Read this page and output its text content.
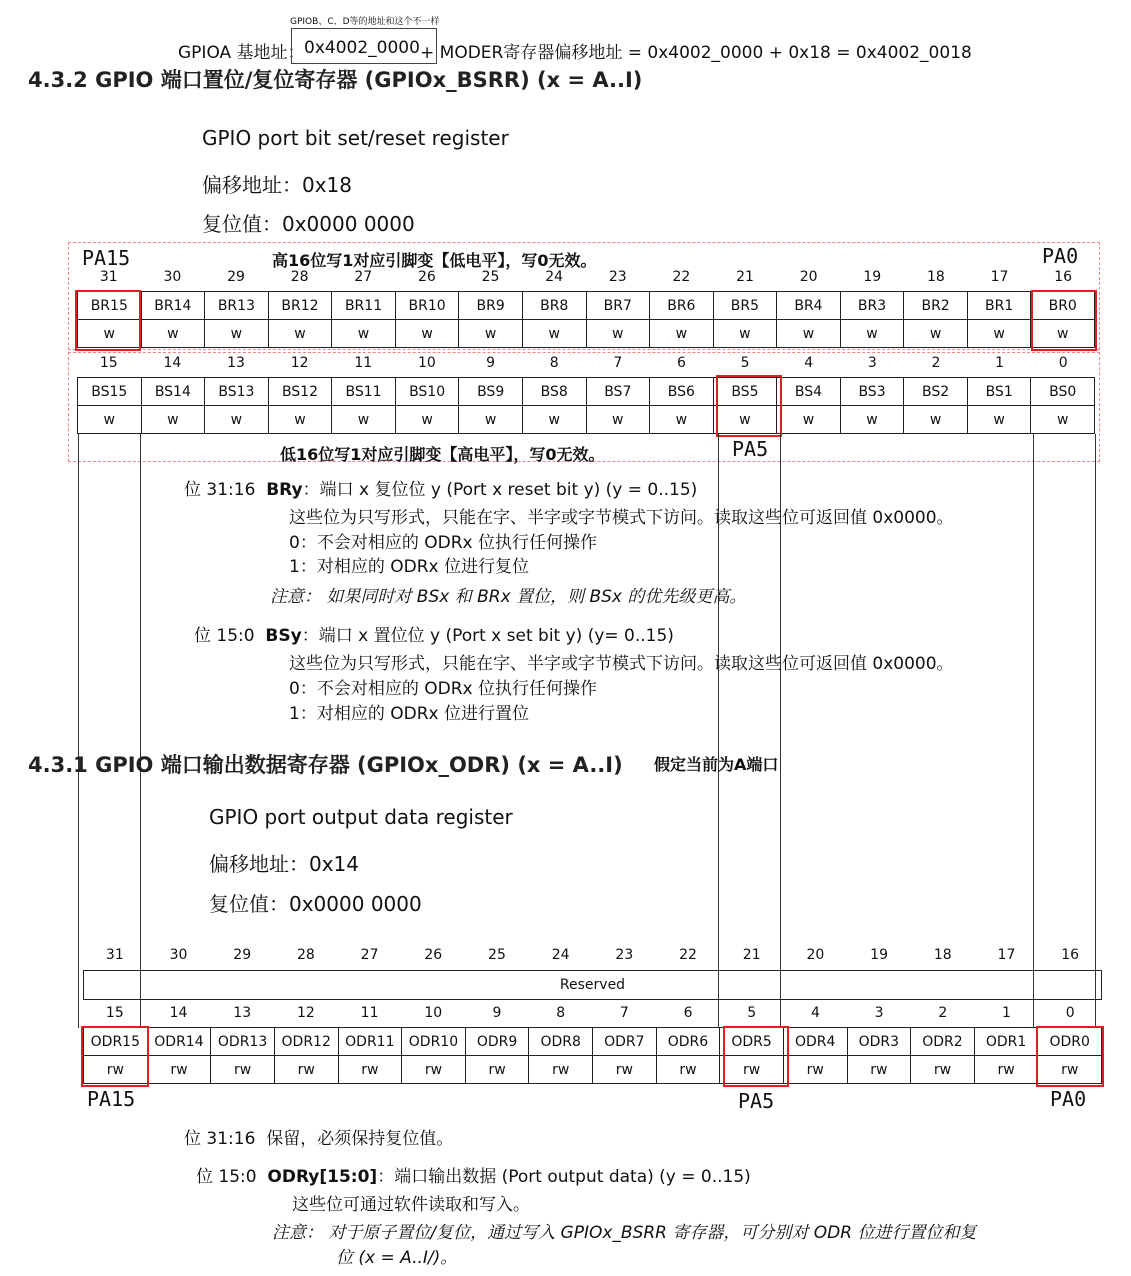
GPIOB、C、D等的地址和这个不一样
GPIOA 基地址： 0x4002_0000 + MODER寄存器偏移地址 = 0x4002_0000 + 0x18 = 0x4002_0018
4.3.2 GPIO 端口置位/复位寄存器 (GPIOx_BSRR) (x = A..I)
GPIO port bit set/reset register
偏移地址：0x18
复位值：0x0000 0000
PA15	PA0
高16位写1对应引脚变【低电平】，写0无效。
31	30	29	28	27	26	25	24	23	22	21	20	19	18	17	16
BR15	BR14	BR13	BR12	BR11	BR10	BR9	BR8	BR7	BR6	BR5	BR4	BR3	BR2	BR1	BR0
w	w	w	w	w	w	w	w	w	w	w	w	w	w	w	w
15	14	13	12	11	10	9	8	7	6	5	4	3	2	1	0
BS15	BS14	BS13	BS12	BS11	BS10	BS9	BS8	BS7	BS6	BS5	BS4	BS3	BS2	BS1	BS0
w	w	w	w	w	w	w	w	w	w	w	w	w	w	w	w
低16位写1对应引脚变【高电平】，写0无效。	PA5
位 31:16 BRy：端口 x 复位位 y (Port x reset bit y) (y = 0..15)
这些位为只写形式，只能在字、半字或字节模式下访问。读取这些位可返回值 0x0000。
0：不会对相应的 ODRx 位执行任何操作
1：对相应的 ODRx 位进行复位
注意： 如果同时对 BSx 和 BRx 置位，则 BSx 的优先级更高。
位 15:0 BSy：端口 x 置位位 y (Port x set bit y) (y= 0..15)
这些位为只写形式，只能在字、半字或字节模式下访问。读取这些位可返回值 0x0000。
0：不会对相应的 ODRx 位执行任何操作
1：对相应的 ODRx 位进行置位
4.3.1 GPIO 端口输出数据寄存器 (GPIOx_ODR) (x = A..I) 假定当前为A端口
GPIO port output data register
偏移地址：0x14
复位值：0x0000 0000
31	30	29	28	27	26	25	24	23	22	21	20	19	18	17	16
Reserved
15	14	13	12	11	10	9	8	7	6	5	4	3	2	1	0
ODR15	ODR14	ODR13	ODR12	ODR11	ODR10	ODR9	ODR8	ODR7	ODR6	ODR5	ODR4	ODR3	ODR2	ODR1	ODR0
rw	rw	rw	rw	rw	rw	rw	rw	rw	rw	rw	rw	rw	rw	rw	rw
PA15	PA5	PA0
位 31:16 保留，必须保持复位值。
位 15:0 ODRy[15:0]：端口输出数据 (Port output data) (y = 0..15)
这些位可通过软件读取和写入。
注意： 对于原子置位/复位，通过写入 GPIOx_BSRR 寄存器，可分别对 ODR 位进行置位和复
位 (x = A..I/)。
